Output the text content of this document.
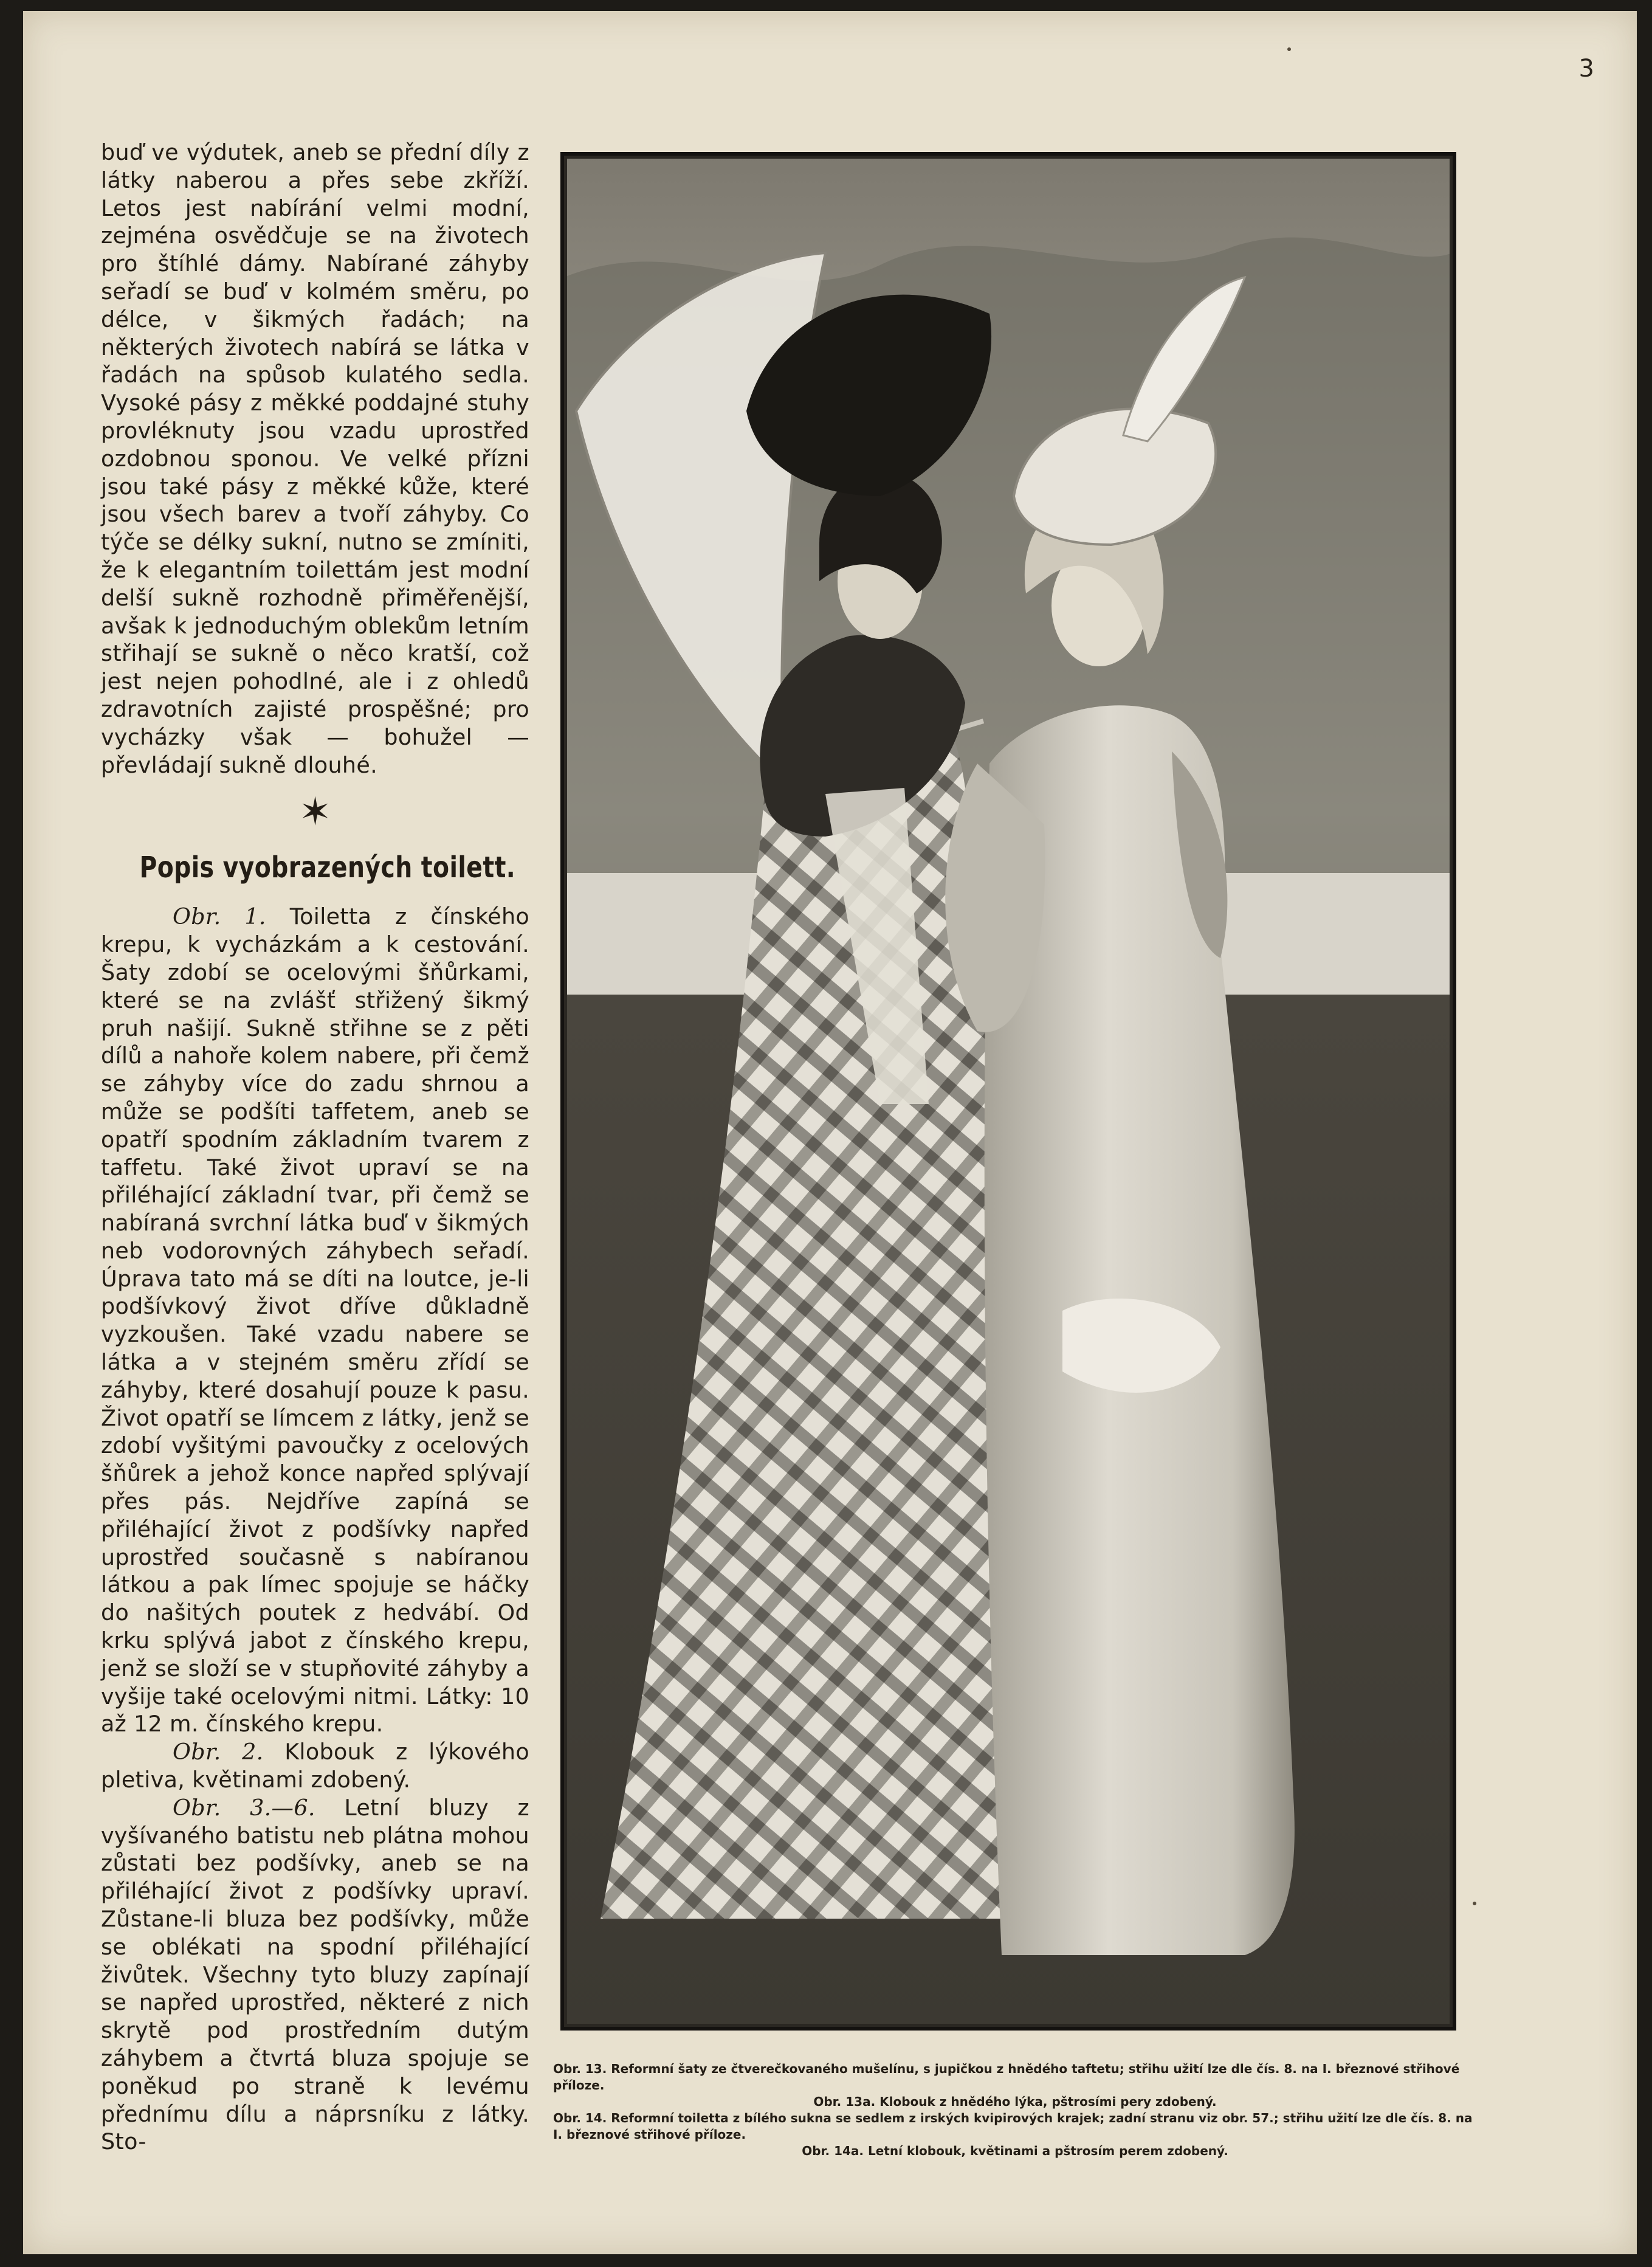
3

buď ve výdutek, aneb se přední díly z látky naberou a přes sebe zkříží. Letos jest nabírání velmi modní, zejména osvědčuje se na životech pro štíhlé dámy. Nabírané záhyby seřadí se buď v kolmém směru, po délce, v šikmých řadách; na některých životech nabírá se látka v řadách na spůsob kulatého sedla. Vysoké pásy z měkké poddajné stuhy provléknuty jsou vzadu uprostřed ozdobnou sponou. Ve velké přízni jsou také pásy z měkké kůže, které jsou všech barev a tvoří záhyby. Co týče se délky sukní, nutno se zmíniti, že k elegantním toilettám jest modní delší sukně rozhodně přiměřenější, avšak k jednoduchým oblekům letním střihají se sukně o něco kratší, což jest nejen pohodlné, ale i z ohledů zdravotních zajisté prospěšné; pro vycházky však — bohužel — převládají sukně dlouhé.

✶
Popis vyobrazených toilett.

Obr. 1. Toiletta z čínského krepu, k vycházkám a k cestování. Šaty zdobí se ocelovými šňůrkami, které se na zvlášť střižený šikmý pruh našijí. Sukně střihne se z pěti dílů a nahoře kolem nabere, při čemž se záhyby více do zadu shrnou a může se podšíti taffetem, aneb se opatří spodním základním tvarem z taffetu. Také život upraví se na přiléhající základní tvar, při čemž se nabíraná svrchní látka buď v šikmých neb vodorovných záhybech seřadí. Úprava tato má se díti na loutce, je-li podšívkový život dříve důkladně vyzkoušen. Také vzadu nabere se látka a v stejném směru zřídí se záhyby, které dosahují pouze k pasu. Život opatří se límcem z látky, jenž se zdobí vyšitými pavoučky z ocelových šňůrek a jehož konce napřed splývají přes pás. Nejdříve zapíná se přiléhající život z podšívky napřed uprostřed současně s nabíranou látkou a pak límec spojuje se háčky do našitých poutek z hedvábí. Od krku splývá jabot z čínského krepu, jenž se složí se v stupňovité záhyby a vyšije také ocelovými nitmi. Látky: 10 až 12 m. čínského krepu.

Obr. 2. Klobouk z lýkového pletiva, květinami zdobený.

Obr. 3.—6. Letní bluzy z vyšívaného batistu neb plátna mohou zůstati bez podšívky, aneb se na přiléhající život z podšívky upraví. Zůstane-li bluza bez podšívky, může se oblékati na spodní přiléhající živůtek. Všechny tyto bluzy zapínají se napřed uprostřed, některé z nich skrytě pod prostředním dutým záhybem a čtvrtá bluza spojuje se poněkud po straně k levému přednímu dílu a náprsníku z látky. Sto-

Obr. 13. Reformní šaty ze čtverečkovaného mušelínu, s jupičkou z hnědého taftetu; střihu užití lze dle čís. 8. na I. březnové střihové příloze.
Obr. 13a. Klobouk z hnědého lýka, pštrosími pery zdobený.
Obr. 14. Reformní toiletta z bílého sukna se sedlem z irských kvipirových krajek; zadní stranu viz obr. 57.; střihu užití lze dle čís. 8. na I. březnové střihové příloze.
Obr. 14a. Letní klobouk, květinami a pštrosím perem zdobený.
